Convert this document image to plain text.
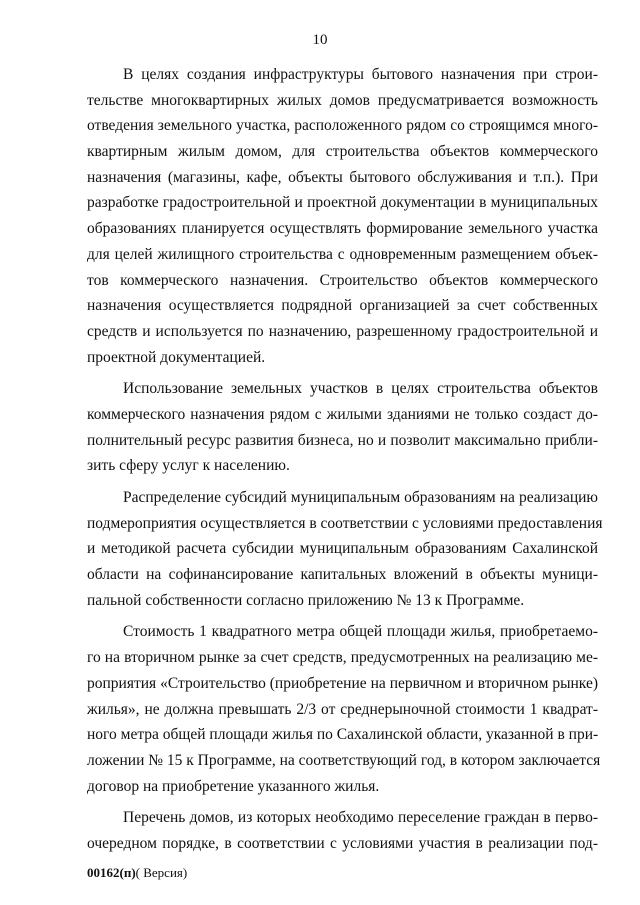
10
В целях создания инфраструктуры бытового назначения при строи-
тельстве многоквартирных жилых домов предусматривается возможность
отведения земельного участка, расположенного рядом со строящимся много-
квартирным жилым домом, для строительства объектов коммерческого
назначения (магазины, кафе, объекты бытового обслуживания и т.п.). При
разработке градостроительной и проектной документации в муниципальных
образованиях планируется осуществлять формирование земельного участка
для целей жилищного строительства с одновременным размещением объек-
тов коммерческого назначения. Строительство объектов коммерческого
назначения осуществляется подрядной организацией за счет собственных
средств и используется по назначению, разрешенному градостроительной и
проектной документацией.
Использование земельных участков в целях строительства объектов
коммерческого назначения рядом с жилыми зданиями не только создаст до-
полнительный ресурс развития бизнеса, но и позволит максимально прибли-
зить сферу услуг к населению.
Распределение субсидий муниципальным образованиям на реализацию
подмероприятия осуществляется в соответствии с условиями предоставления
и методикой расчета субсидии муниципальным образованиям Сахалинской
области на софинансирование капитальных вложений в объекты муници-
пальной собственности согласно приложению № 13 к Программе.
Стоимость 1 квадратного метра общей площади жилья, приобретаемо-
го на вторичном рынке за счет средств, предусмотренных на реализацию ме-
роприятия «Строительство (приобретение на первичном и вторичном рынке)
жилья», не должна превышать 2/3 от среднерыночной стоимости 1 квадрат-
ного метра общей площади жилья по Сахалинской области, указанной в при-
ложении № 15 к Программе, на соответствующий год, в котором заключается
договор на приобретение указанного жилья.
Перечень домов, из которых необходимо переселение граждан в перво-
очередном порядке, в соответствии с условиями участия в реализации под-
00162(п)( Версия)
